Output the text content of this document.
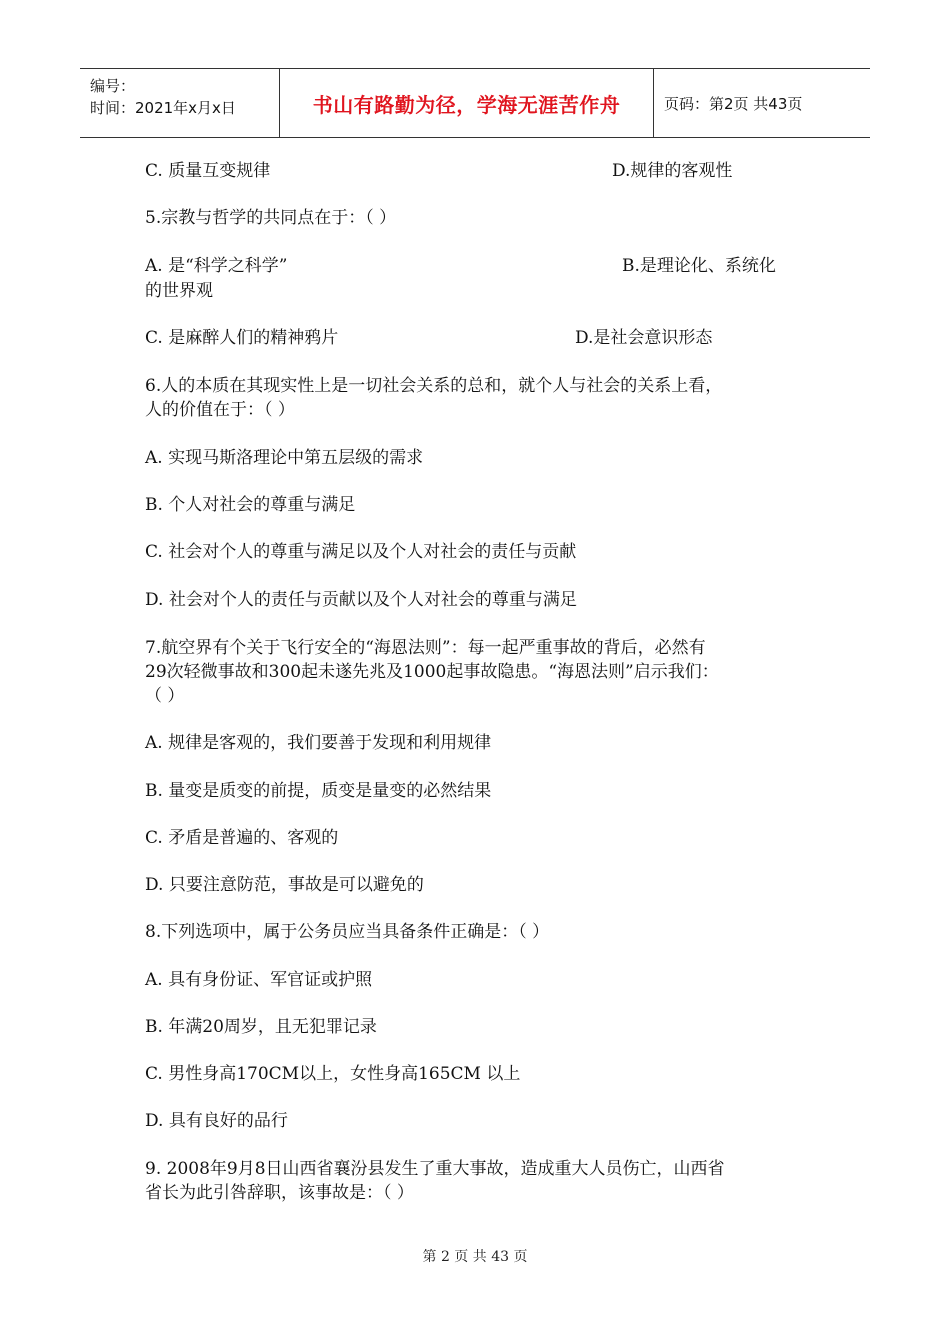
编号：
时间：2021年x月x日	书山有路勤为径，学海无涯苦作舟	页码：第2页 共43页
C. 质量互变规律	D.规律的客观性
5.宗教与哲学的共同点在于：（ ）
A. 是“科学之科学”	B.是理论化、系统化
的世界观
C. 是麻醉人们的精神鸦片	D.是社会意识形态
6.人的本质在其现实性上是一切社会关系的总和，就个人与社会的关系上看，
人的价值在于：（ ）
A. 实现马斯洛理论中第五层级的需求
B. 个人对社会的尊重与满足
C. 社会对个人的尊重与满足以及个人对社会的责任与贡献
D. 社会对个人的责任与贡献以及个人对社会的尊重与满足
7.航空界有个关于飞行安全的“海恩法则”：每一起严重事故的背后，必然有
29次轻微事故和300起未遂先兆及1000起事故隐患。“海恩法则”启示我们：
（ ）
A. 规律是客观的，我们要善于发现和利用规律
B. 量变是质变的前提，质变是量变的必然结果
C. 矛盾是普遍的、客观的
D. 只要注意防范，事故是可以避免的
8.下列选项中，属于公务员应当具备条件正确是：（ ）
A. 具有身份证、军官证或护照
B. 年满20周岁，且无犯罪记录
C. 男性身高170CM以上，女性身高165CM 以上
D. 具有良好的品行
9. 2008年9月8日山西省襄汾县发生了重大事故，造成重大人员伤亡，山西省
省长为此引咎辞职，该事故是：（ ）
第 2 页 共 43 页
